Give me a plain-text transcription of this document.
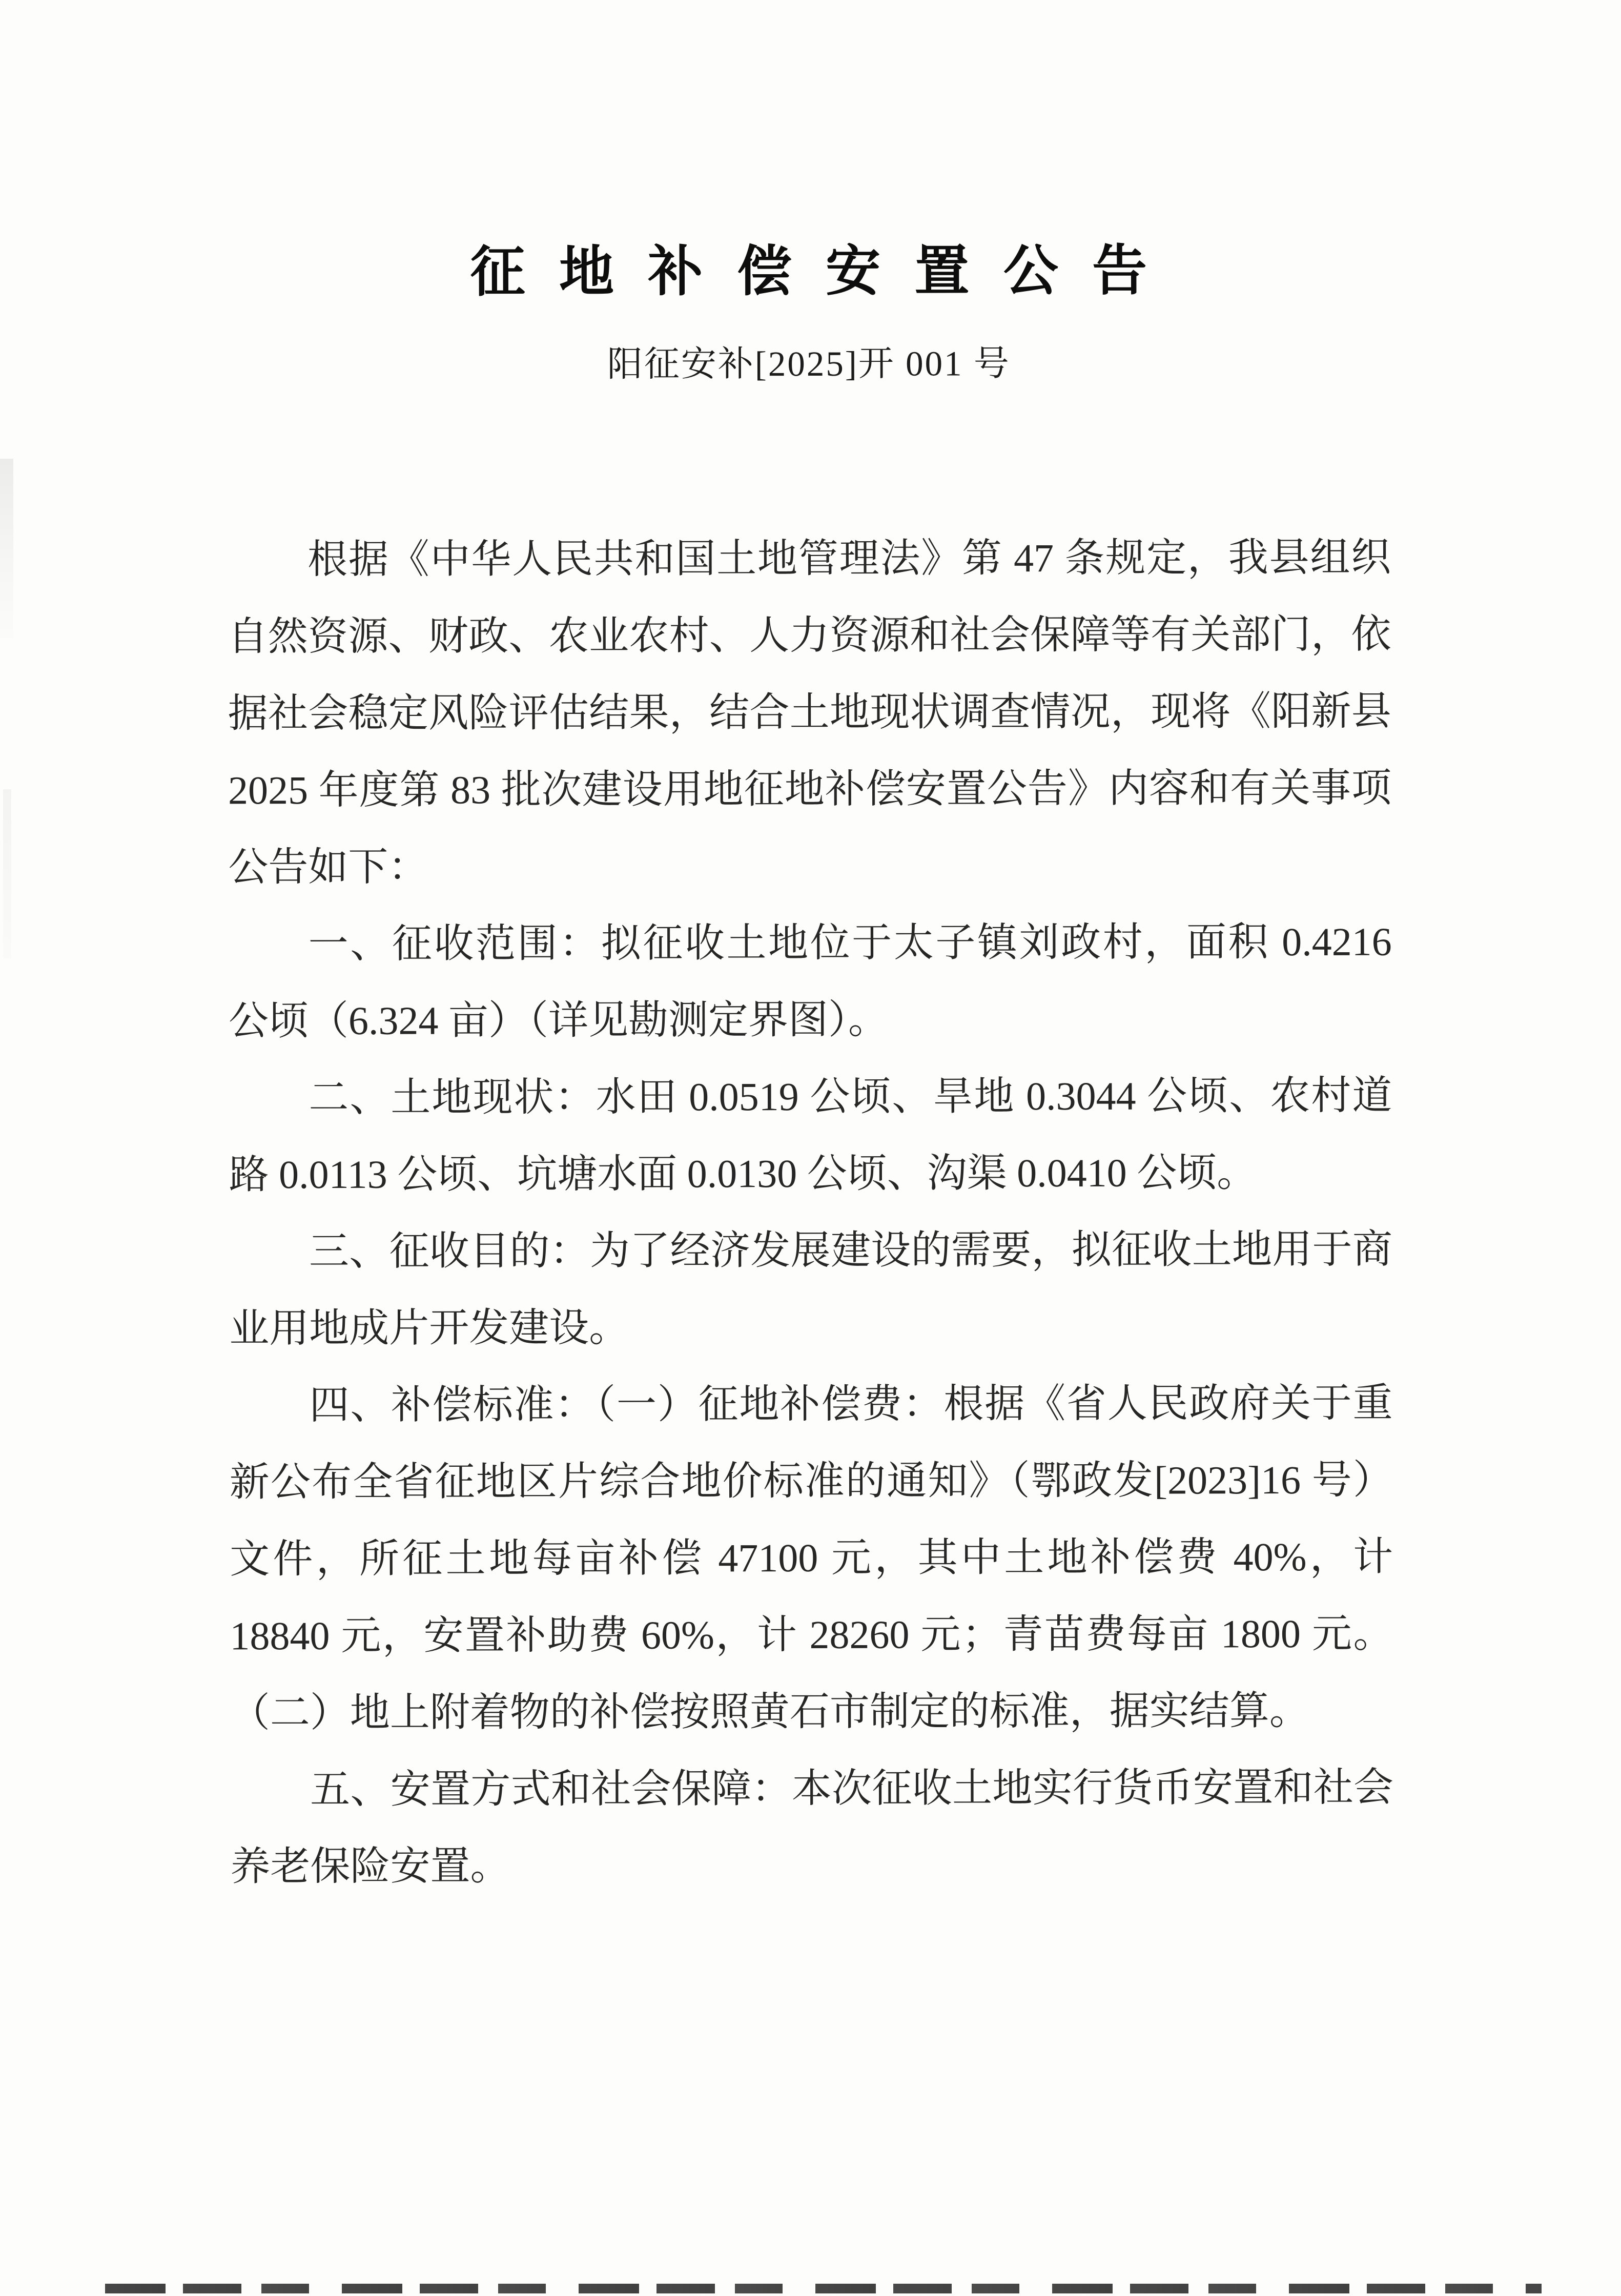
征地补偿安置公告
阳征安补[2025]开 001 号

根据《中华人民共和国土地管理法》第 47 条规定，我县组织自然资源、财政、农业农村、人力资源和社会保障等有关部门，依据社会稳定风险评估结果，结合土地现状调查情况，现将《阳新县 2025 年度第 83 批次建设用地征地补偿安置公告》内容和有关事项公告如下：

一、征收范围：拟征收土地位于太子镇刘政村，面积 0.4216 公顷（6.324 亩）（详见勘测定界图）。

二、土地现状：水田 0.0519 公顷、旱地 0.3044 公顷、农村道路 0.0113 公顷、坑塘水面 0.0130 公顷、沟渠 0.0410 公顷。

三、征收目的：为了经济发展建设的需要，拟征收土地用于商业用地成片开发建设。

四、补偿标准：（一）征地补偿费：根据《省人民政府关于重新公布全省征地区片综合地价标准的通知》（鄂政发[2023]16 号）文件，所征土地每亩补偿 47100 元，其中土地补偿费 40%，计 18840 元，安置补助费 60%，计 28260 元；青苗费每亩 1800 元。（二）地上附着物的补偿按照黄石市制定的标准，据实结算。

五、安置方式和社会保障：本次征收土地实行货币安置和社会养老保险安置。
